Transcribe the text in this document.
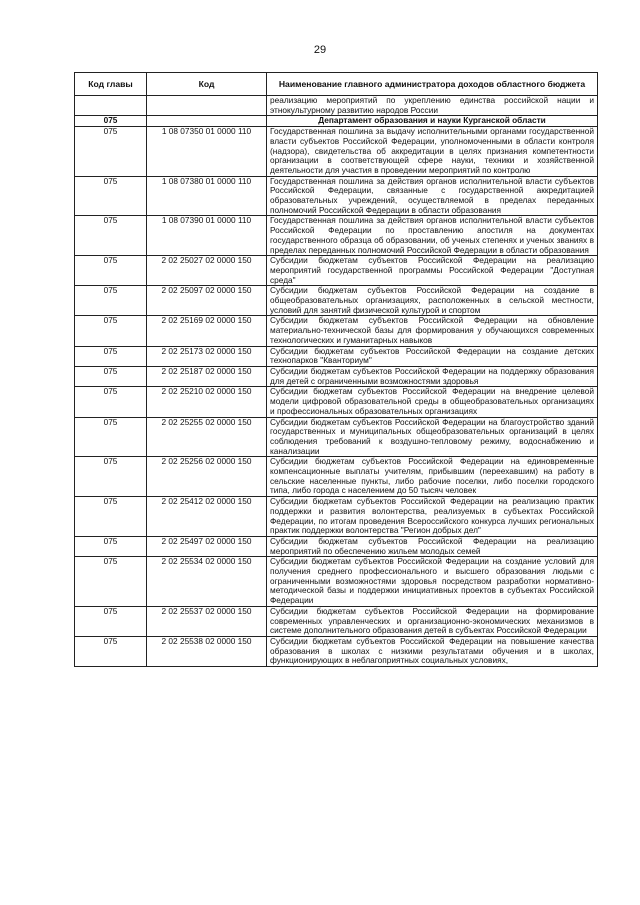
29
Код главы	Код	Наименование главного администратора доходов областного бюджета
		реализацию мероприятий по укреплению единства российской нации и этнокультурному развитию народов России
075		Департамент образования и науки Курганской области
075	1 08 07350 01 0000 110	Государственная пошлина за выдачу исполнительными органами государственной власти субъектов Российской Федерации, уполномоченными в области контроля (надзора), свидетельства об аккредитации в целях признания компетентности организации в соответствующей сфере науки, техники и хозяйственной деятельности для участия в проведении мероприятий по контролю
075	1 08 07380 01 0000 110	Государственная пошлина за действия органов исполнительной власти субъектов Российской Федерации, связанные с государственной аккредитацией образовательных учреждений, осуществляемой в пределах переданных полномочий Российской Федерации в области образования
075	1 08 07390 01 0000 110	Государственная пошлина за действия органов исполнительной власти субъектов Российской Федерации по проставлению апостиля на документах государственного образца об образовании, об ученых степенях и ученых званиях в пределах переданных полномочий Российской Федерации в области образования
075	2 02 25027 02 0000 150	Субсидии бюджетам субъектов Российской Федерации на реализацию мероприятий государственной программы Российской Федерации "Доступная среда"
075	2 02 25097 02 0000 150	Субсидии бюджетам субъектов Российской Федерации на создание в общеобразовательных организациях, расположенных в сельской местности, условий для занятий физической культурой и спортом
075	2 02 25169 02 0000 150	Субсидии бюджетам субъектов Российской Федерации на обновление материально-технической базы для формирования у обучающихся современных технологических и гуманитарных навыков
075	2 02 25173 02 0000 150	Субсидии бюджетам субъектов Российской Федерации на создание детских технопарков "Кванториум"
075	2 02 25187 02 0000 150	Субсидии бюджетам субъектов Российской Федерации на поддержку образования для детей с ограниченными возможностями здоровья
075	2 02 25210 02 0000 150	Субсидии бюджетам субъектов Российской Федерации на внедрение целевой модели цифровой образовательной среды в общеобразовательных организациях и профессиональных образовательных организациях
075	2 02 25255 02 0000 150	Субсидии бюджетам субъектов Российской Федерации на благоустройство зданий государственных и муниципальных общеобразовательных организаций в целях соблюдения требований к воздушно-тепловому режиму, водоснабжению и канализации
075	2 02 25256 02 0000 150	Субсидии бюджетам субъектов Российской Федерации на единовременные компенсационные выплаты учителям, прибывшим (переехавшим) на работу в сельские населенные пункты, либо рабочие поселки, либо поселки городского типа, либо города с населением до 50 тысяч человек
075	2 02 25412 02 0000 150	Субсидии бюджетам субъектов Российской Федерации на реализацию практик поддержки и развития волонтерства, реализуемых в субъектах Российской Федерации, по итогам проведения Всероссийского конкурса лучших региональных практик поддержки волонтерства "Регион добрых дел"
075	2 02 25497 02 0000 150	Субсидии бюджетам субъектов Российской Федерации на реализацию мероприятий по обеспечению жильем молодых семей
075	2 02 25534 02 0000 150	Субсидии бюджетам субъектов Российской Федерации на создание условий для получения среднего профессионального и высшего образования людьми с ограниченными возможностями здоровья посредством разработки нормативно-методической базы и поддержки инициативных проектов в субъектах Российской Федерации
075	2 02 25537 02 0000 150	Субсидии бюджетам субъектов Российской Федерации на формирование современных управленческих и организационно-экономических механизмов в системе дополнительного образования детей в субъектах Российской Федерации
075	2 02 25538 02 0000 150	Субсидии бюджетам субъектов Российской Федерации на повышение качества образования в школах с низкими результатами обучения и в школах, функционирующих в неблагоприятных социальных условиях,
